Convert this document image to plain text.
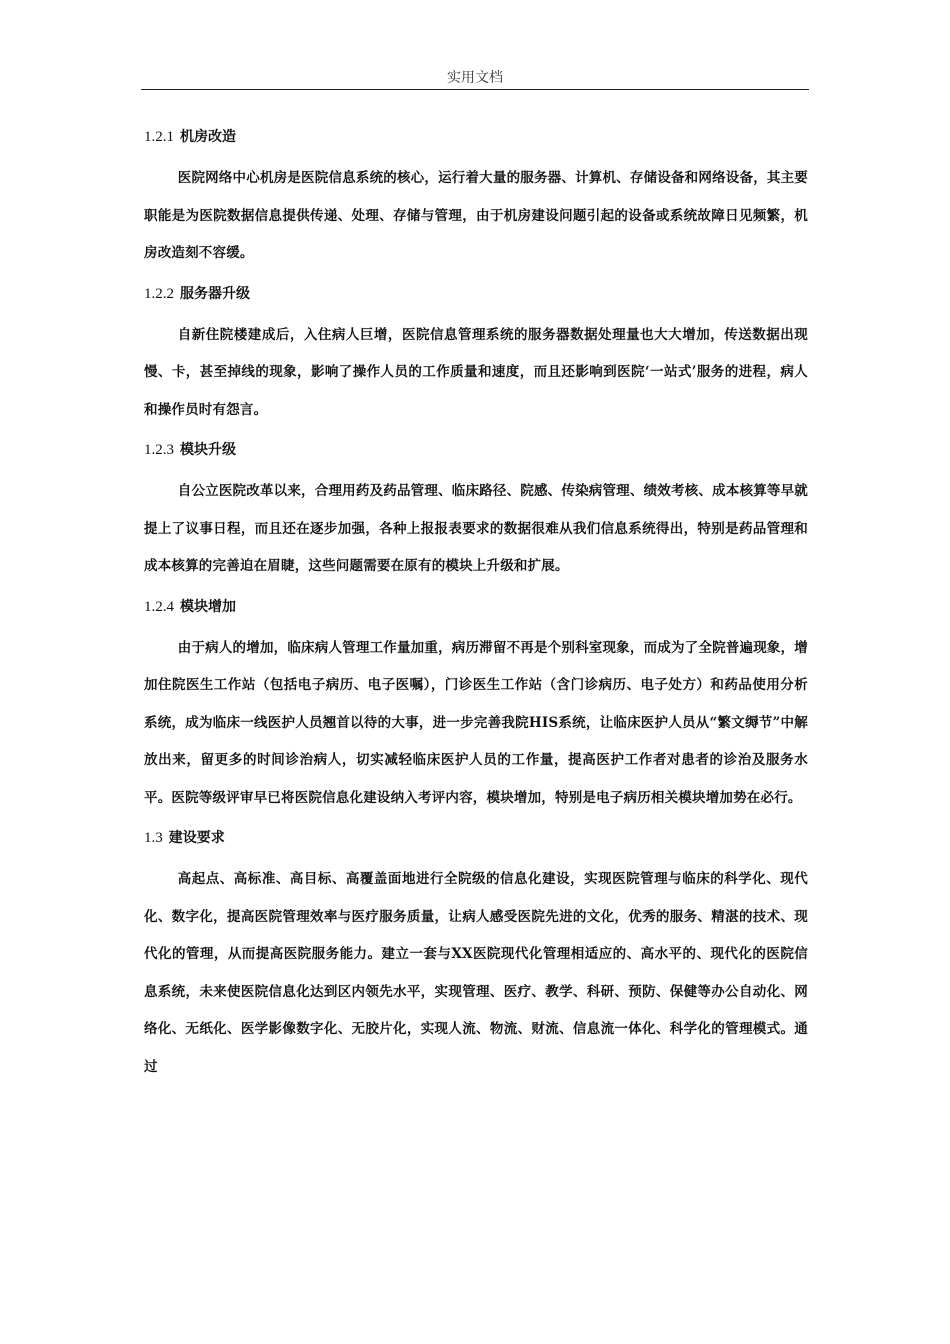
实用文档
1.2.1 机房改造

医院网络中心机房是医院信息系统的核心，运行着大量的服务器、计算机、存储设备和网络设备，其主要职能是为医院数据信息提供传递、处理、存储与管理，由于机房建设问题引起的设备或系统故障日见频繁，机房改造刻不容缓。

1.2.2 服务器升级

自新住院楼建成后，入住病人巨增，医院信息管理系统的服务器数据处理量也大大增加，传送数据出现慢、卡，甚至掉线的现象，影响了操作人员的工作质量和速度，而且还影响到医院‘一站式’服务的进程，病人和操作员时有怨言。

1.2.3 模块升级

自公立医院改革以来，合理用药及药品管理、临床路径、院感、传染病管理、绩效考核、成本核算等早就提上了议事日程，而且还在逐步加强，各种上报报表要求的数据很难从我们信息系统得出，特别是药品管理和成本核算的完善迫在眉睫，这些问题需要在原有的模块上升级和扩展。

1.2.4 模块增加

由于病人的增加，临床病人管理工作量加重，病历滞留不再是个别科室现象，而成为了全院普遍现象，增加住院医生工作站（包括电子病历、电子医嘱），门诊医生工作站（含门诊病历、电子处方）和药品使用分析系统，成为临床一线医护人员翘首以待的大事，进一步完善我院HIS系统，让临床医护人员从“繁文缛节”中解放出来，留更多的时间诊治病人，切实减轻临床医护人员的工作量，提高医护工作者对患者的诊治及服务水平。医院等级评审早已将医院信息化建设纳入考评内容，模块增加，特别是电子病历相关模块增加势在必行。

1.3 建设要求

高起点、高标准、高目标、高覆盖面地进行全院级的信息化建设，实现医院管理与临床的科学化、现代化、数字化，提高医院管理效率与医疗服务质量，让病人感受医院先进的文化，优秀的服务、精湛的技术、现代化的管理，从而提高医院服务能力。建立一套与XX医院现代化管理相适应的、高水平的、现代化的医院信息系统，未来使医院信息化达到区内领先水平，实现管理、医疗、教学、科研、预防、保健等办公自动化、网络化、无纸化、医学影像数字化、无胶片化，实现人流、物流、财流、信息流一体化、科学化的管理模式。通过
